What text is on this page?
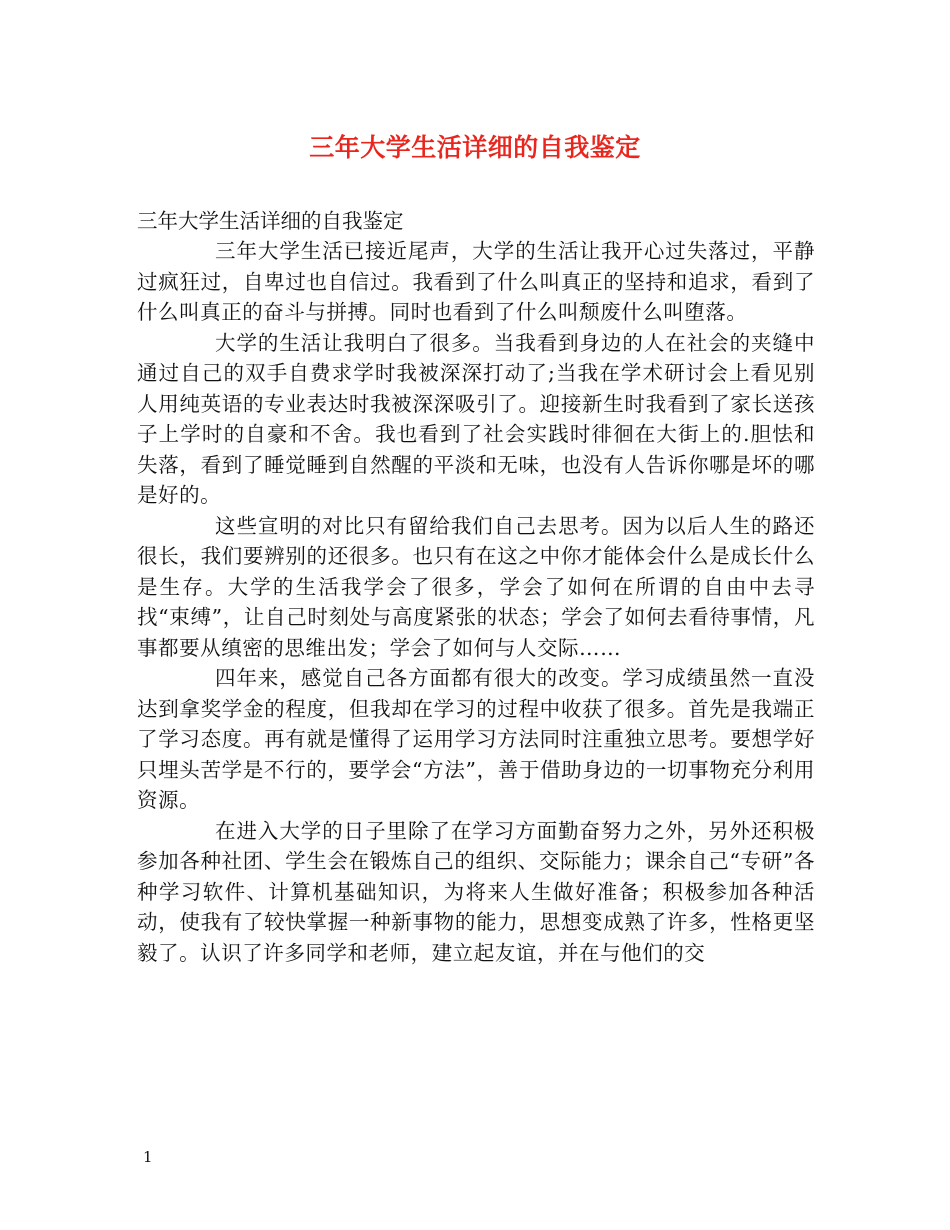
三年大学生活详细的自我鉴定

三年大学生活详细的自我鉴定

三年大学生活已接近尾声，大学的生活让我开心过失落过，平静过疯狂过，自卑过也自信过。我看到了什么叫真正的坚持和追求，看到了什么叫真正的奋斗与拼搏。同时也看到了什么叫颓废什么叫堕落。

大学的生活让我明白了很多。当我看到身边的人在社会的夹缝中通过自己的双手自费求学时我被深深打动了;当我在学术研讨会上看见别人用纯英语的专业表达时我被深深吸引了。迎接新生时我看到了家长送孩子上学时的自豪和不舍。我也看到了社会实践时徘徊在大街上的.胆怯和失落，看到了睡觉睡到自然醒的平淡和无味，也没有人告诉你哪是坏的哪是好的。

这些宣明的对比只有留给我们自己去思考。因为以后人生的路还很长，我们要辨别的还很多。也只有在这之中你才能体会什么是成长什么是生存。大学的生活我学会了很多，学会了如何在所谓的自由中去寻找“束缚”，让自己时刻处与高度紧张的状态；学会了如何去看待事情，凡事都要从缜密的思维出发；学会了如何与人交际……

四年来，感觉自己各方面都有很大的改变。学习成绩虽然一直没达到拿奖学金的程度，但我却在学习的过程中收获了很多。首先是我端正了学习态度。再有就是懂得了运用学习方法同时注重独立思考。要想学好只埋头苦学是不行的，要学会“方法”，善于借助身边的一切事物充分利用资源。

在进入大学的日子里除了在学习方面勤奋努力之外，另外还积极参加各种社团、学生会在锻炼自己的组织、交际能力；课余自己“专研”各种学习软件、计算机基础知识，为将来人生做好准备；积极参加各种活动，使我有了较快掌握一种新事物的能力，思想变成熟了许多，性格更坚毅了。认识了许多同学和老师，建立起友谊，并在与他们的交

1
